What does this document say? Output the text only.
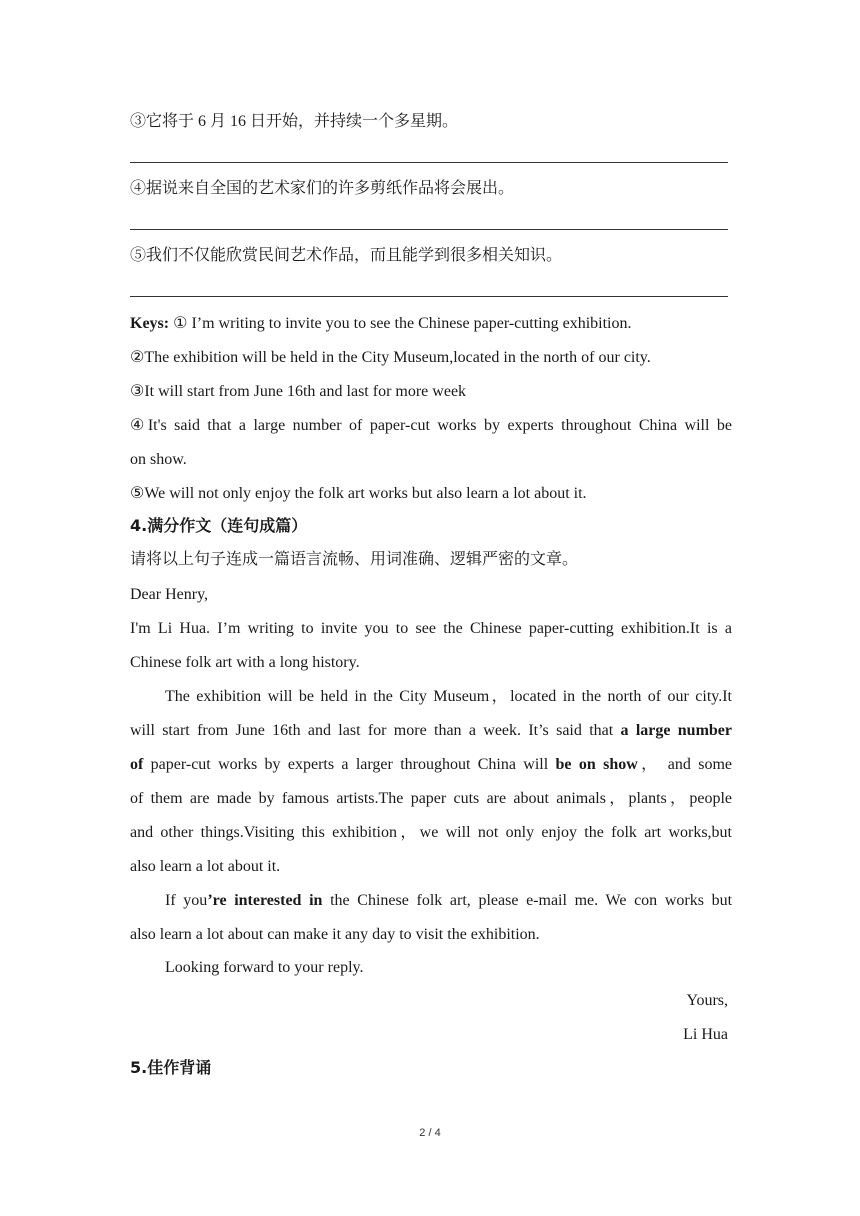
③它将于 6 月 16 日开始，并持续一个多星期。
④据说来自全国的艺术家们的许多剪纸作品将会展出。
⑤我们不仅能欣赏民间艺术作品，而且能学到很多相关知识。
Keys: ① I’m writing to invite you to see the Chinese paper-cutting exhibition.
②The exhibition will be held in the City Museum,located in the north of our city.
③It will start from June 16th and last for more week
④It's said that a large number of paper-cut works by experts throughout China will be
on show.
⑤We will not only enjoy the folk art works but also learn a lot about it.
4.满分作文（连句成篇）
请将以上句子连成一篇语言流畅、用词准确、逻辑严密的文章。
Dear Henry,
I'm Li Hua. I’m writing to invite you to see the Chinese paper-cutting exhibition.It is a
Chinese folk art with a long history.
The exhibition will be held in the City Museum，located in the north of our city.It
will start from June 16th and last for more than a week. It’s said that a large number
of paper-cut works by experts a larger throughout China will be on show， and some
of them are made by famous artists.The paper cuts are about animals，plants，people
and other things.Visiting this exhibition，we will not only enjoy the folk art works,but
also learn a lot about it.
If you’re interested in the Chinese folk art, please e-mail me. We con works but
also learn a lot about can make it any day to visit the exhibition.
Looking forward to your reply.
Yours,
Li Hua
5.佳作背诵
2 / 4
